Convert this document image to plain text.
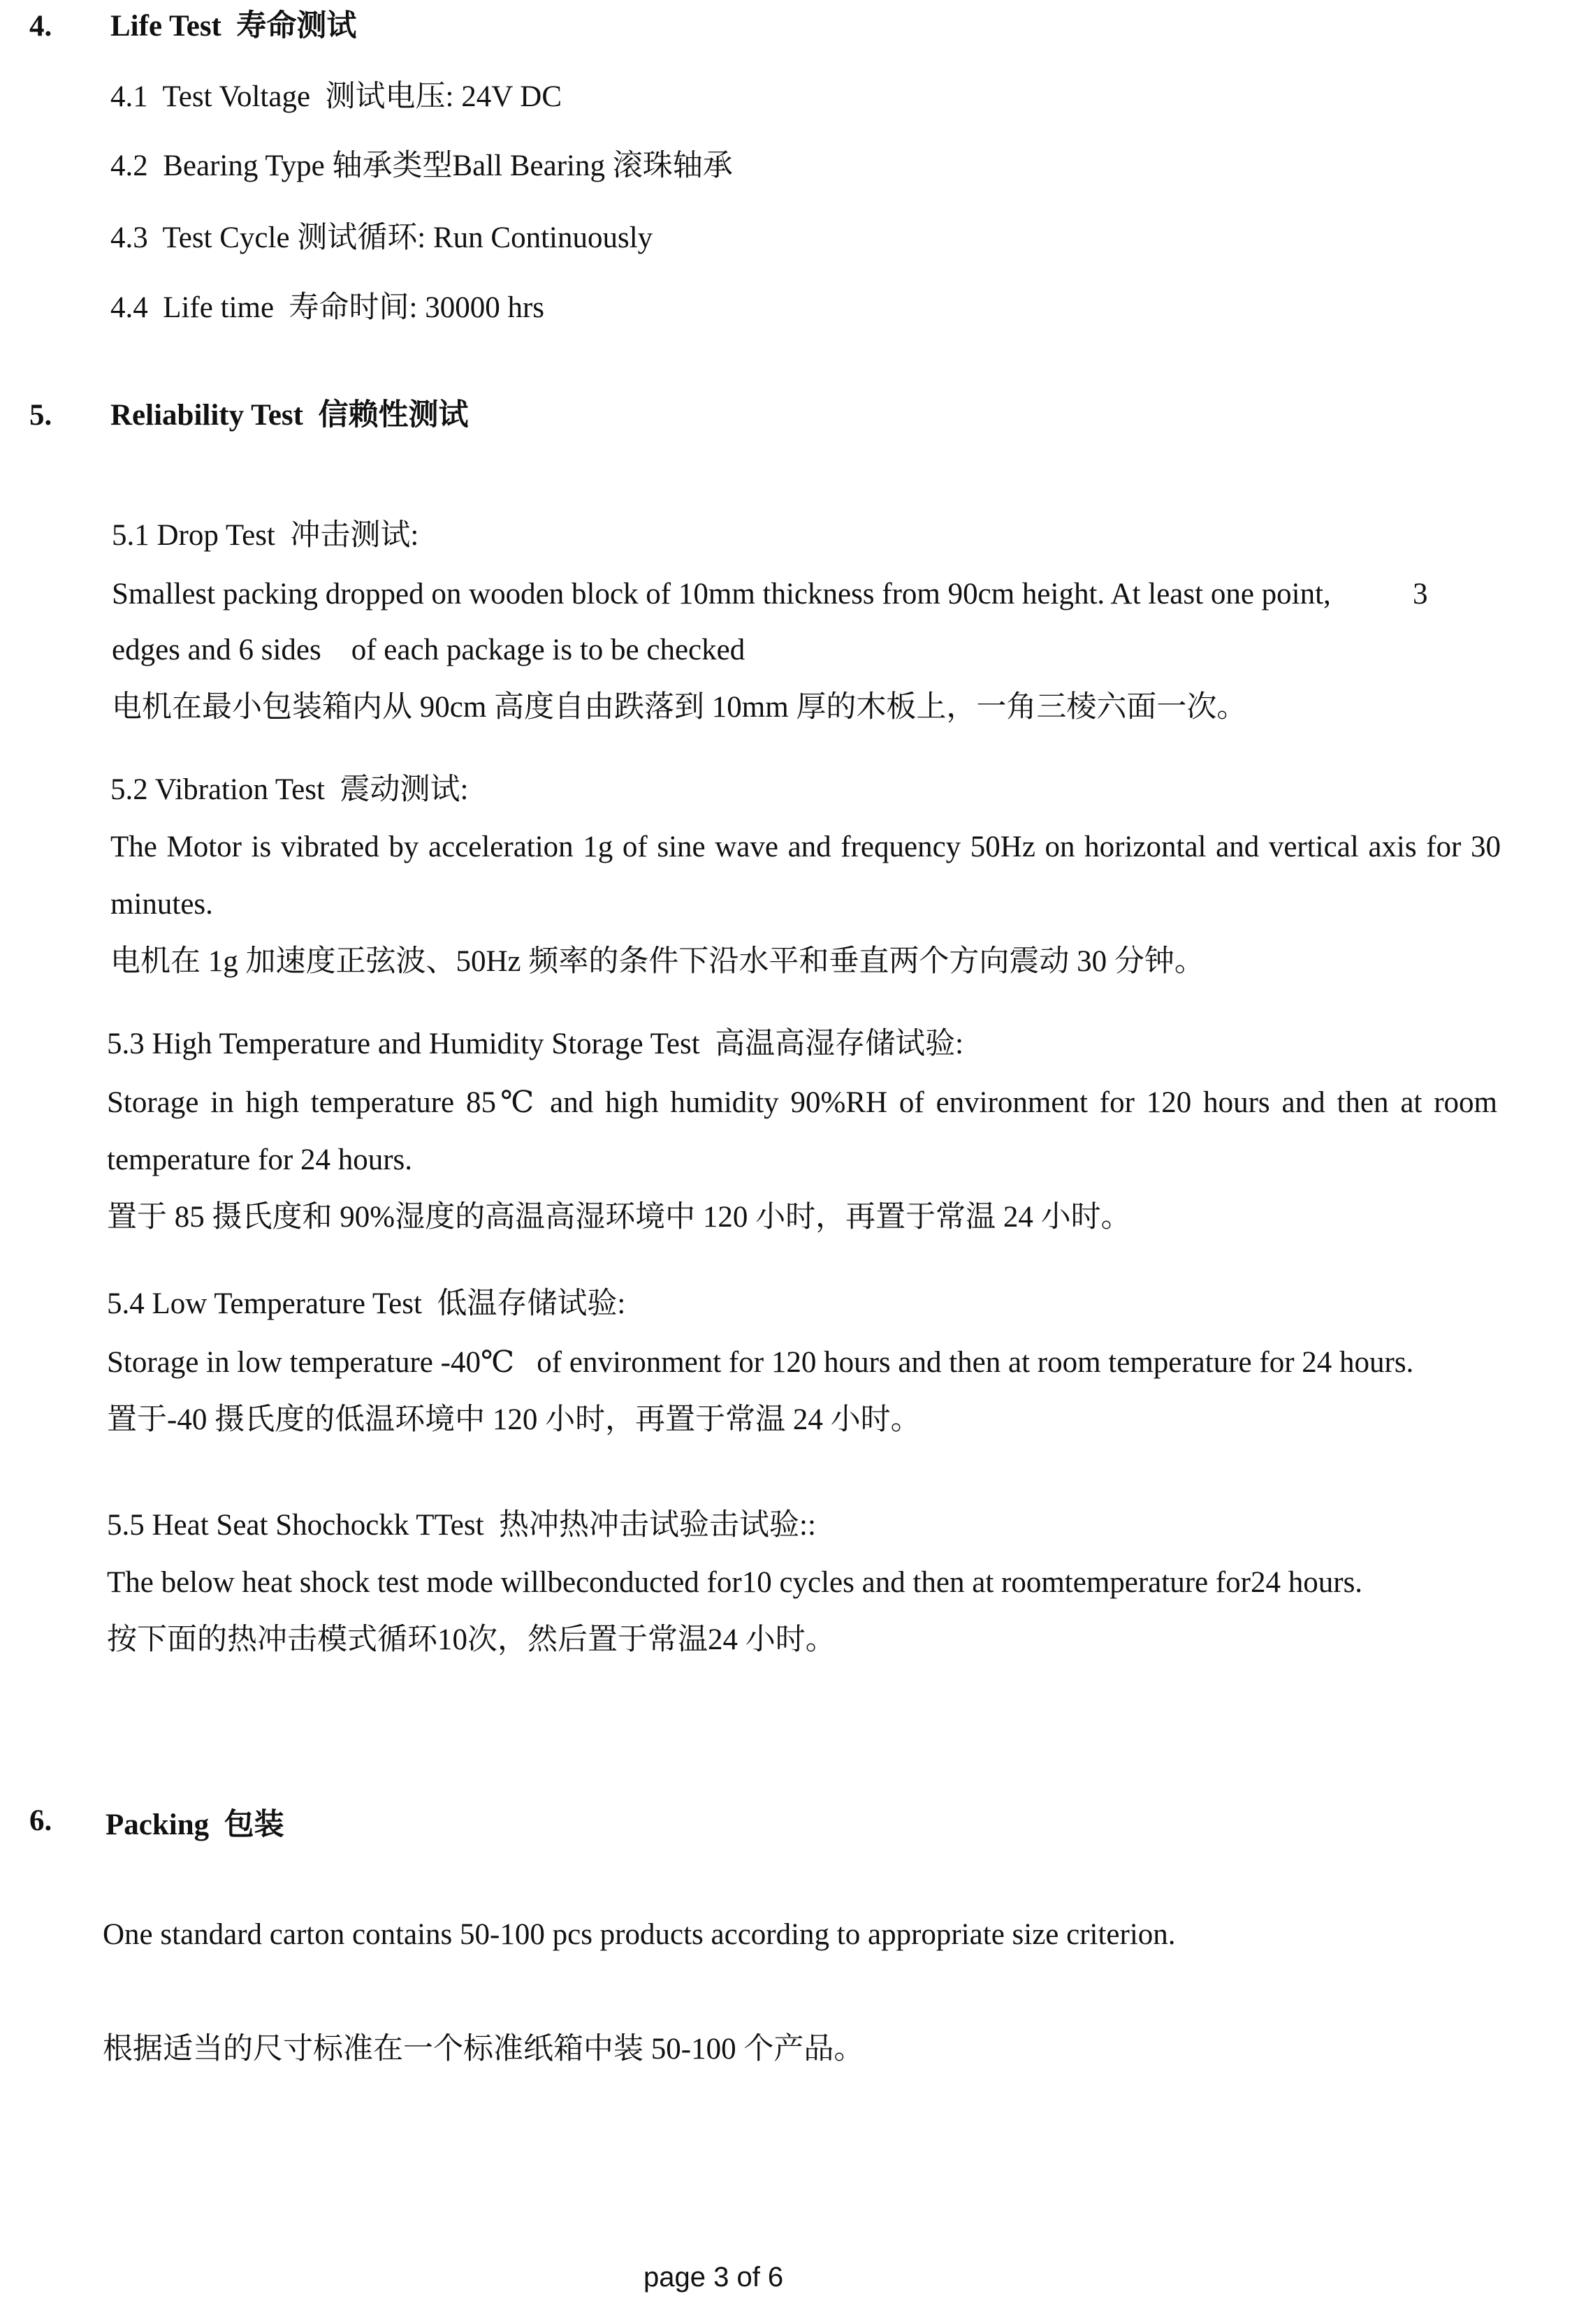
4. Life Test  寿命测试
4.1  Test Voltage  测试电压: 24V DC
4.2  Bearing Type 轴承类型Ball Bearing 滚珠轴承
4.3  Test Cycle 测试循环: Run Continuously
4.4  Life time  寿命时间: 30000 hrs
5. Reliability Test  信赖性测试
5.1 Drop Test  冲击测试:
Smallest packing dropped on wooden block of 10mm thickness from 90cm height. At least one point,	3
edges and 6 sides    of each package is to be checked
电机在最小包装箱内从 90cm 高度自由跌落到 10mm 厚的木板上，一角三棱六面一次。
5.2 Vibration Test  震动测试:
The Motor is vibrated by acceleration 1g of sine wave and frequency 50Hz on horizontal and vertical axis for 30
minutes.
电机在 1g 加速度正弦波、50Hz 频率的条件下沿水平和垂直两个方向震动 30 分钟。
5.3 High Temperature and Humidity Storage Test  高温高湿存储试验:
Storage in high temperature 85℃ and high humidity 90%RH of environment for 120 hours and then at room
temperature for 24 hours.
置于 85 摄氏度和 90%湿度的高温高湿环境中 120 小时，再置于常温 24 小时。
5.4 Low Temperature Test  低温存储试验:
Storage in low temperature -40℃   of environment for 120 hours and then at room temperature for 24 hours.
置于-40 摄氏度的低温环境中 120 小时，再置于常温 24 小时。
5.5 Heat Seat Shochockk TTest  热冲热冲击试验击试验::
The below heat shock test mode willbeconducted for10 cycles and then at roomtemperature for24 hours.
按下面的热冲击模式循环10次，然后置于常温24 小时。
6. Packing  包装
One standard carton contains 50-100 pcs products according to appropriate size criterion.
根据适当的尺寸标准在一个标准纸箱中装 50-100 个产品。
page 3 of 6
